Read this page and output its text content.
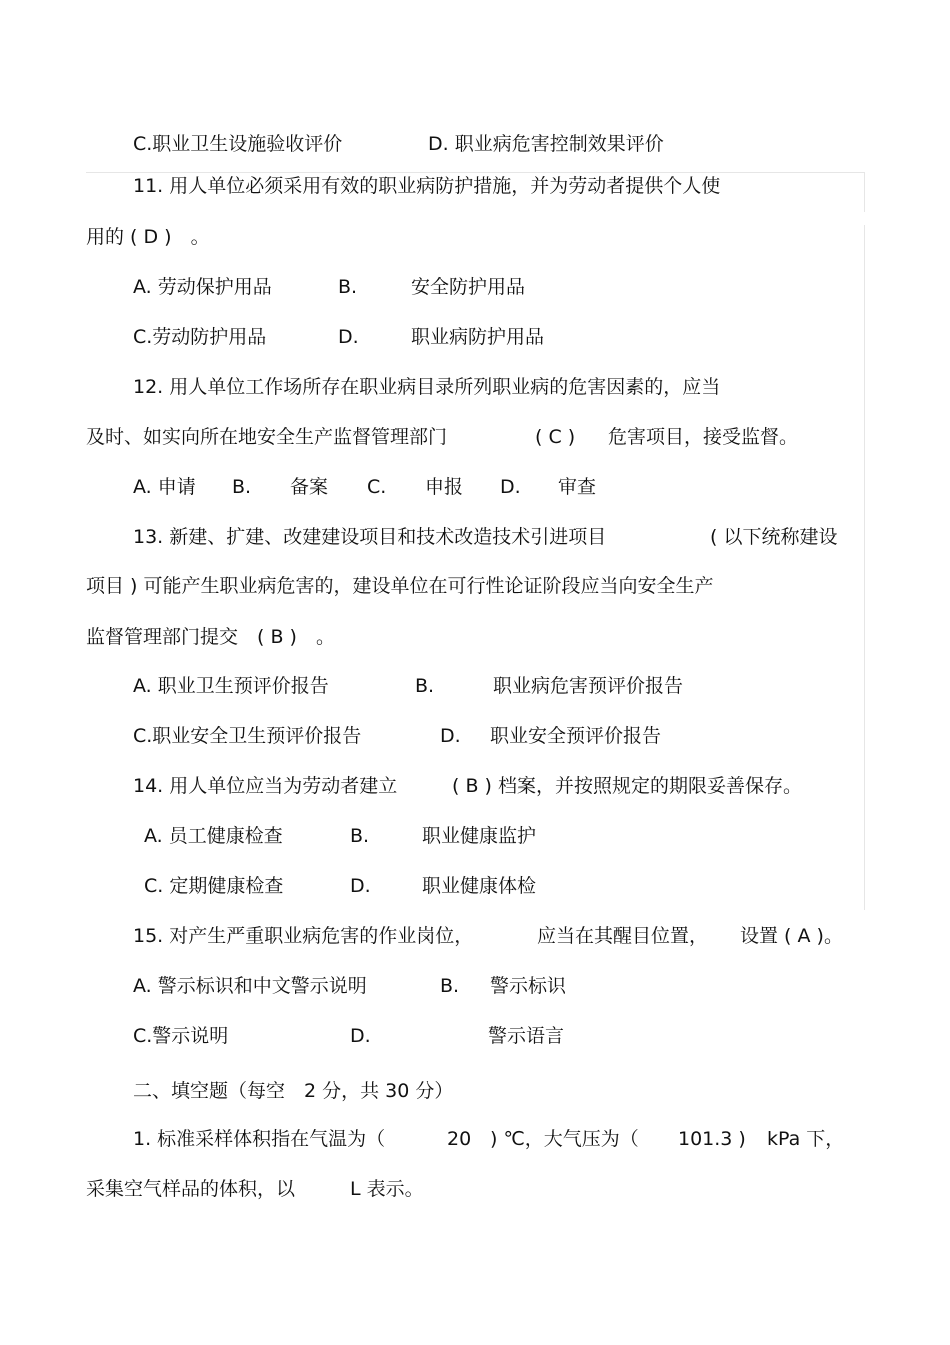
C.职业卫生设施验收评价	D. 职业病危害控制效果评价
11. 用人单位必须采用有效的职业病防护措施，并为劳动者提供个人使
用的 ( D )　。
A. 劳动保护用品	B.	安全防护用品
C.劳动防护用品	D.	职业病防护用品
12. 用人单位工作场所存在职业病目录所列职业病的危害因素的，应当
及时、如实向所在地安全生产监督管理部门	( C ) 危害项目，接受监督。
A. 申请 B. 备案 C. 申报 D. 审查
13. 新建、扩建、改建建设项目和技术改造技术引进项目	( 以下统称建设
项目 ) 可能产生职业病危害的，建设单位在可行性论证阶段应当向安全生产
监督管理部门提交　( B )　。
A. 职业卫生预评价报告	B.	职业病危害预评价报告
C.职业安全卫生预评价报告	D. 职业安全预评价报告
14. 用人单位应当为劳动者建立	( B ) 档案，并按照规定的期限妥善保存。
A. 员工健康检查	B.	职业健康监护
C. 定期健康检查	D.	职业健康体检
15. 对产生严重职业病危害的作业岗位，	应当在其醒目位置， 设置 ( A )。
A. 警示标识和中文警示说明	B. 警示标识
C.警示说明	D.	警示语言
二、填空题（每空　2 分，共 30 分）
1. 标准采样体积指在气温为（	20 ) ℃，大气压为（ 101.3 ) kPa 下，
采集空气样品的体积，以	L 表示。
